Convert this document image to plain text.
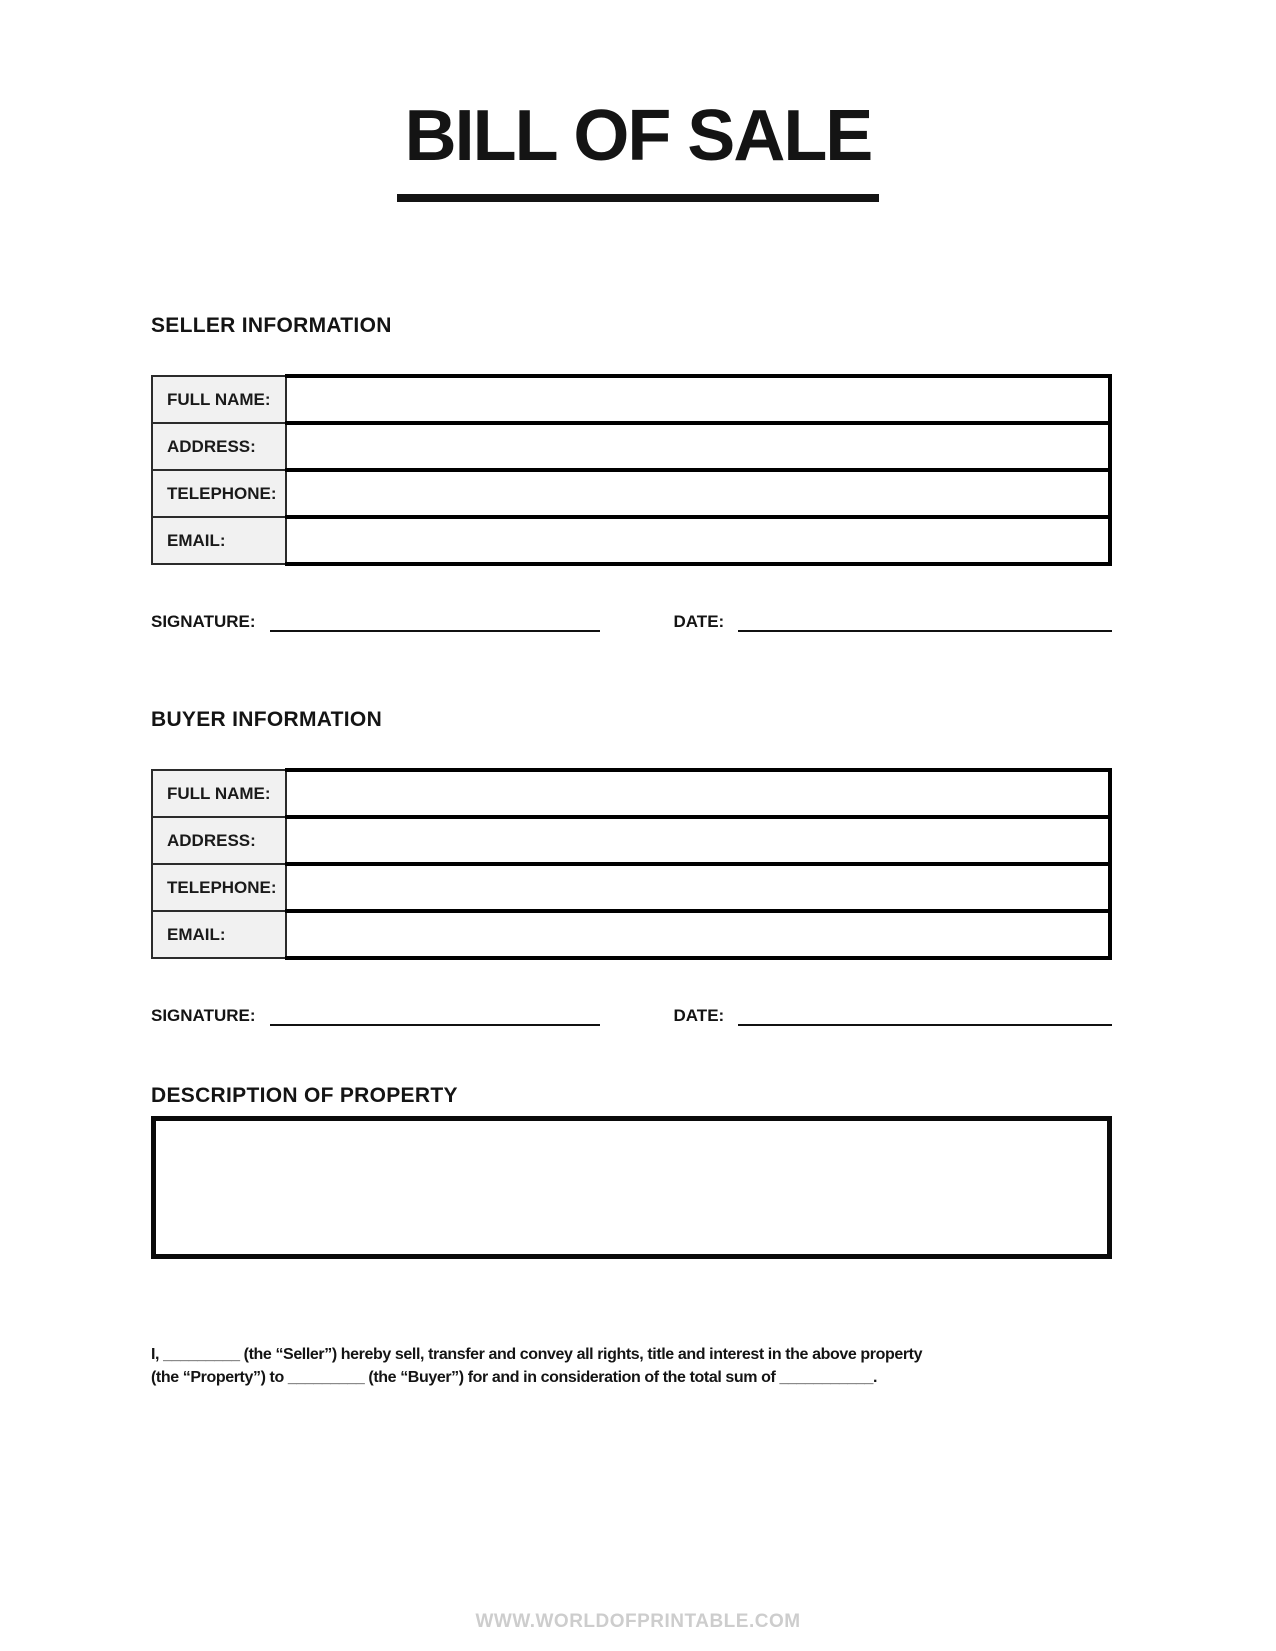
BILL OF SALE
SELLER INFORMATION
FULL NAME:	
ADDRESS:	
TELEPHONE:	
EMAIL:	
SIGNATURE:	DATE:
BUYER INFORMATION
FULL NAME:	
ADDRESS:	
TELEPHONE:	
EMAIL:	
SIGNATURE:	DATE:
DESCRIPTION OF PROPERTY

I, _________ (the “Seller”) hereby sell, transfer and convey all rights, title and interest in the above property
(the “Property”) to _________ (the “Buyer”) for and in consideration of the total sum of ___________.

WWW.WORLDOFPRINTABLE.COM
